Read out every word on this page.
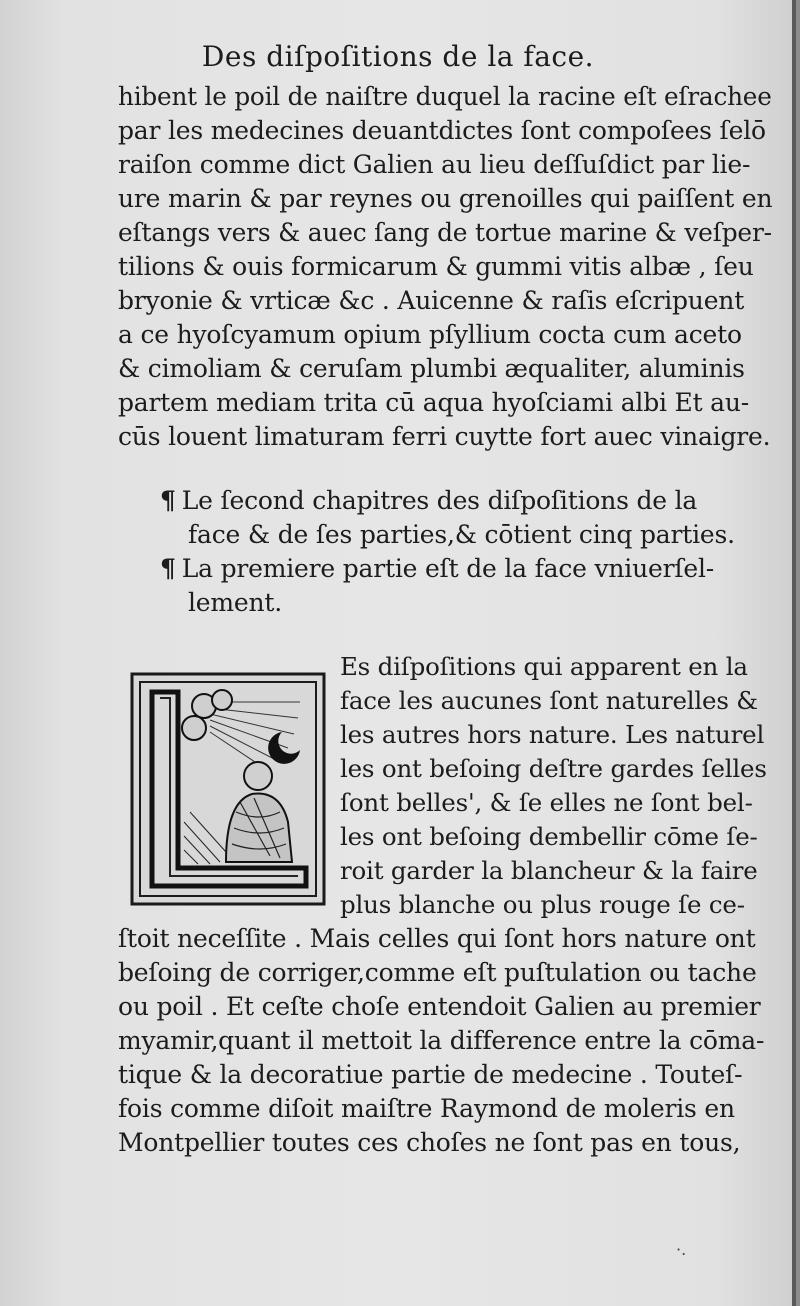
Des diſpoſitions de la face.
hibent le poil de naiſtre duquel la racine eſt eſrachee
par les medecines deuantdictes ſont compoſees ſelō
raiſon comme dict Galien au lieu deſſuſdict par lie-
ure marin & par reynes ou grenoilles qui paiſſent en
eſtangs vers & auec ſang de tortue marine & veſper-
tilions & ouis formicarum & gummi vitis albæ , ſeu
bryonie & vrticæ &c . Auicenne & raſis eſcripuent
a ce hyoſcyamum opium pſyllium cocta cum aceto
& cimoliam & ceruſam plumbi æqualiter, aluminis
partem mediam trita cū aqua hyoſciami albi Et au-
cūs louent limaturam ferri cuytte fort auec vinaigre.
¶ Le ſecond chapitres des diſpoſitions de la
face & de ſes parties,& cōtient cinq parties.
¶ La premiere partie eſt de la face vniuerſel-
lement.
Es diſpoſitions qui apparent en la
face les aucunes ſont naturelles &
les autres hors nature. Les naturel
les ont beſoing deſtre gardes ſelles
ſont belles', & ſe elles ne ſont bel-
les ont beſoing dembellir cōme ſe-
roit garder la blancheur & la faire
plus blanche ou plus rouge ſe ce-
ſtoit neceſſite . Mais celles qui ſont hors nature ont
beſoing de corriger,comme eſt puſtulation ou tache
ou poil . Et ceſte choſe entendoit Galien au premier
myamir,quant il mettoit la difference entre la cōma-
tique & la decoratiue partie de medecine . Touteſ-
fois comme diſoit maiſtre Raymond de moleris en
Montpellier toutes ces choſes ne ſont pas en tous,
·.
